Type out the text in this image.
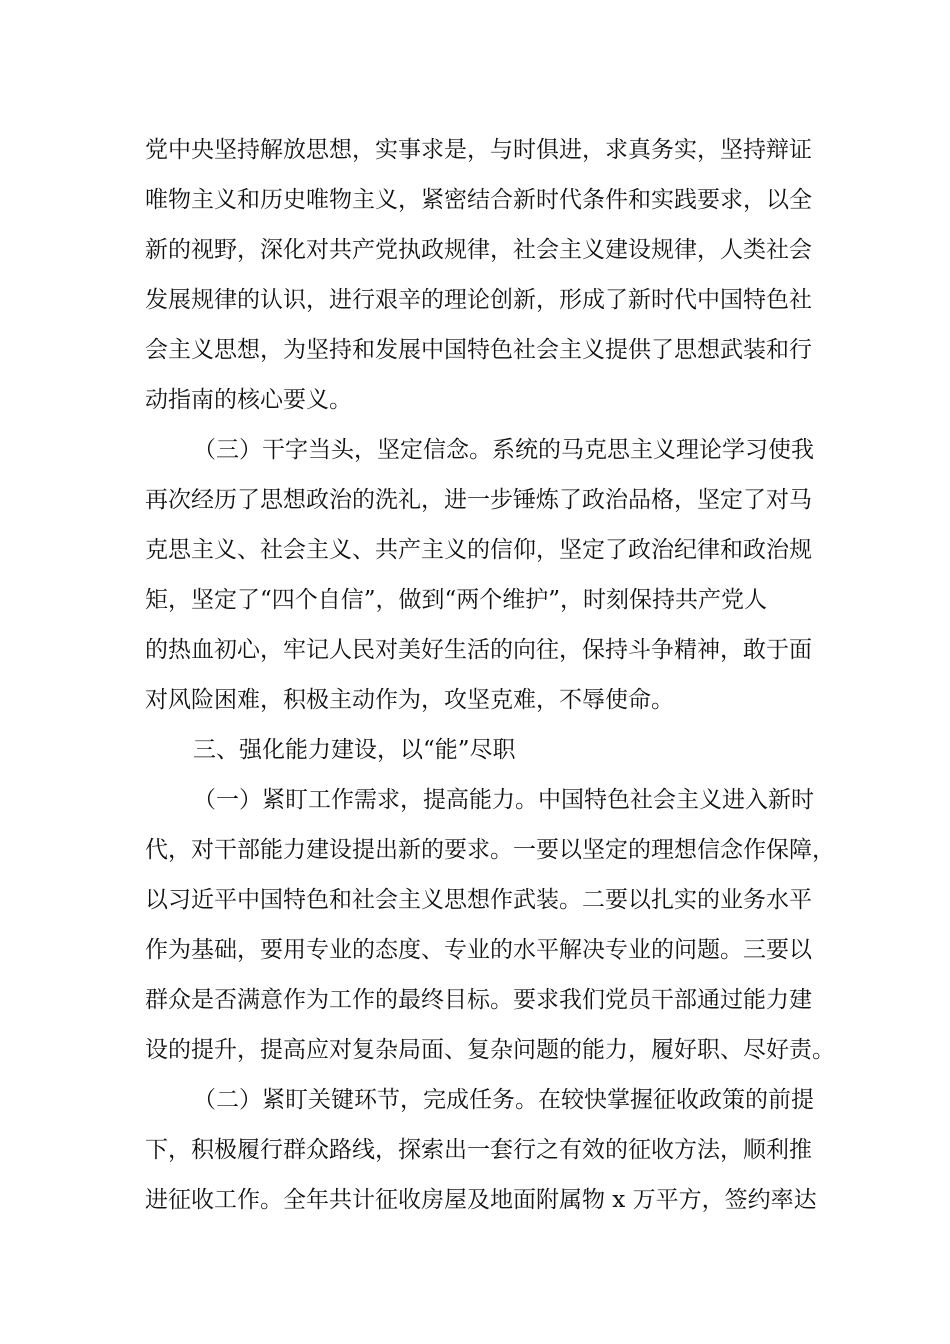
党中央坚持解放思想，实事求是，与时俱进，求真务实，坚持辩证
唯物主义和历史唯物主义，紧密结合新时代条件和实践要求，以全
新的视野，深化对共产党执政规律，社会主义建设规律，人类社会
发展规律的认识，进行艰辛的理论创新，形成了新时代中国特色社
会主义思想，为坚持和发展中国特色社会主义提供了思想武装和行
动指南的核心要义。
（三）干字当头，坚定信念。系统的马克思主义理论学习使我
再次经历了思想政治的洗礼，进一步锤炼了政治品格，坚定了对马
克思主义、社会主义、共产主义的信仰，坚定了政治纪律和政治规
矩，坚定了“四个自信”，做到“两个维护”，时刻保持共产党人
的热血初心，牢记人民对美好生活的向往，保持斗争精神，敢于面
对风险困难，积极主动作为，攻坚克难，不辱使命。
三、强化能力建设，以“能”尽职
（一）紧盯工作需求，提高能力。中国特色社会主义进入新时
代，对干部能力建设提出新的要求。一要以坚定的理想信念作保障，
以习近平中国特色和社会主义思想作武装。二要以扎实的业务水平
作为基础，要用专业的态度、专业的水平解决专业的问题。三要以
群众是否满意作为工作的最终目标。要求我们党员干部通过能力建
设的提升，提高应对复杂局面、复杂问题的能力，履好职、尽好责。
（二）紧盯关键环节，完成任务。在较快掌握征收政策的前提
下，积极履行群众路线，探索出一套行之有效的征收方法，顺利推
进征收工作。全年共计征收房屋及地面附属物 x 万平方，签约率达
